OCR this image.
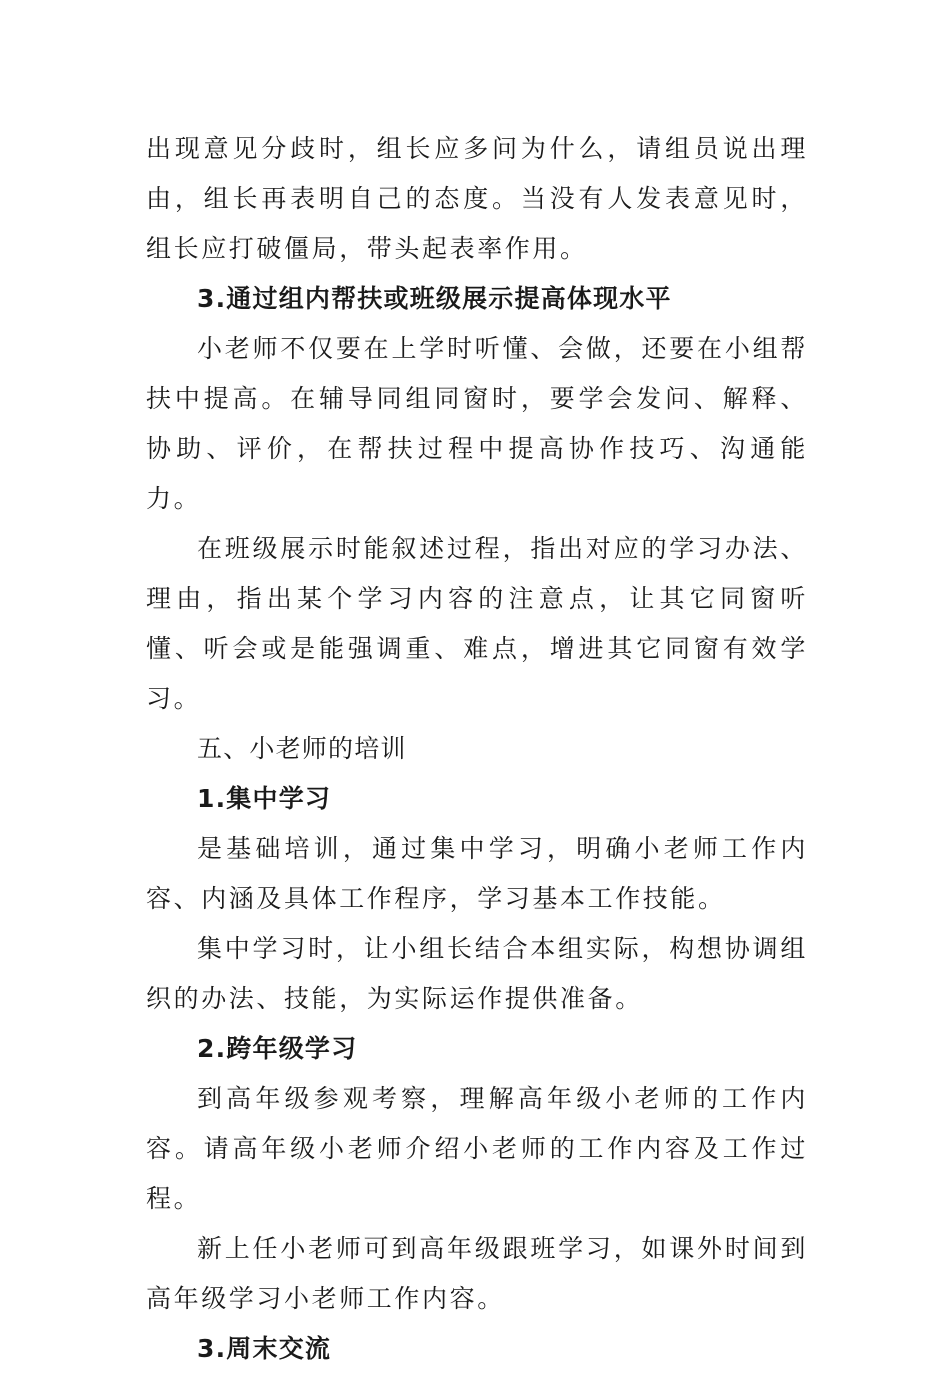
出现意见分歧时，组长应多问为什么，请组员说出理由，组长再表明自己的态度。当没有人发表意见时，组长应打破僵局，带头起表率作用。

3.通过组内帮扶或班级展示提高体现水平

小老师不仅要在上学时听懂、会做，还要在小组帮扶中提高。在辅导同组同窗时，要学会发问、解释、协助、评价，在帮扶过程中提高协作技巧、沟通能力。

在班级展示时能叙述过程，指出对应的学习办法、理由，指出某个学习内容的注意点，让其它同窗听懂、听会或是能强调重、难点，增进其它同窗有效学习。

五、小老师的培训
1.集中学习

是基础培训，通过集中学习，明确小老师工作内容、内涵及具体工作程序，学习基本工作技能。

集中学习时，让小组长结合本组实际，构想协调组织的办法、技能，为实际运作提供准备。

2.跨年级学习

到高年级参观考察，理解高年级小老师的工作内容。请高年级小老师介绍小老师的工作内容及工作过程。

新上任小老师可到高年级跟班学习，如课外时间到高年级学习小老师工作内容。

3.周末交流
